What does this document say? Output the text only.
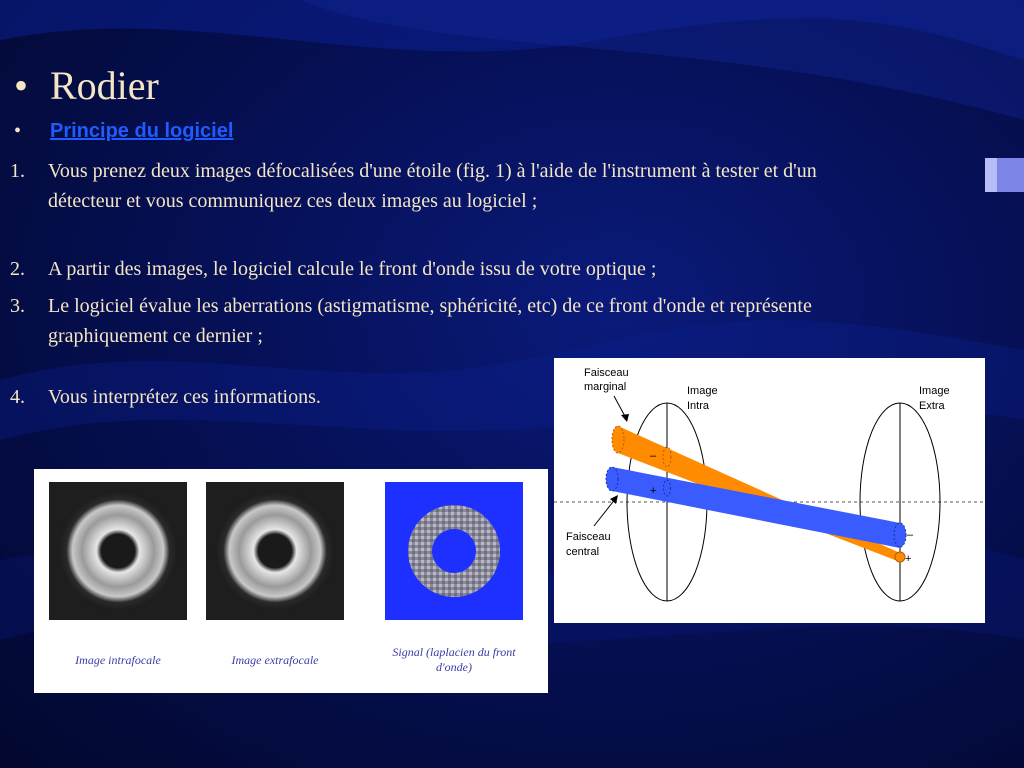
• Rodier
•	Principe du logiciel
1.	Vous prenez deux images défocalisées d'une étoile (fig. 1) à l'aide de l'instrument à tester et d'un détecteur et vous communiquez ces deux images au logiciel ;
2.	A partir des images, le logiciel calcule le front d'onde issu de votre optique ;
3.	Le logiciel évalue les aberrations (astigmatisme, sphéricité, etc) de ce front d'onde et représente graphiquement ce dernier ;
4.	Vous interprétez ces informations.
Image intrafocale	Image extrafocale
Signal (laplacien du front
d'onde)
Faisceau
marginal	Image
Intra
Image
Extra
Faisceau
central
–
+
–
+
